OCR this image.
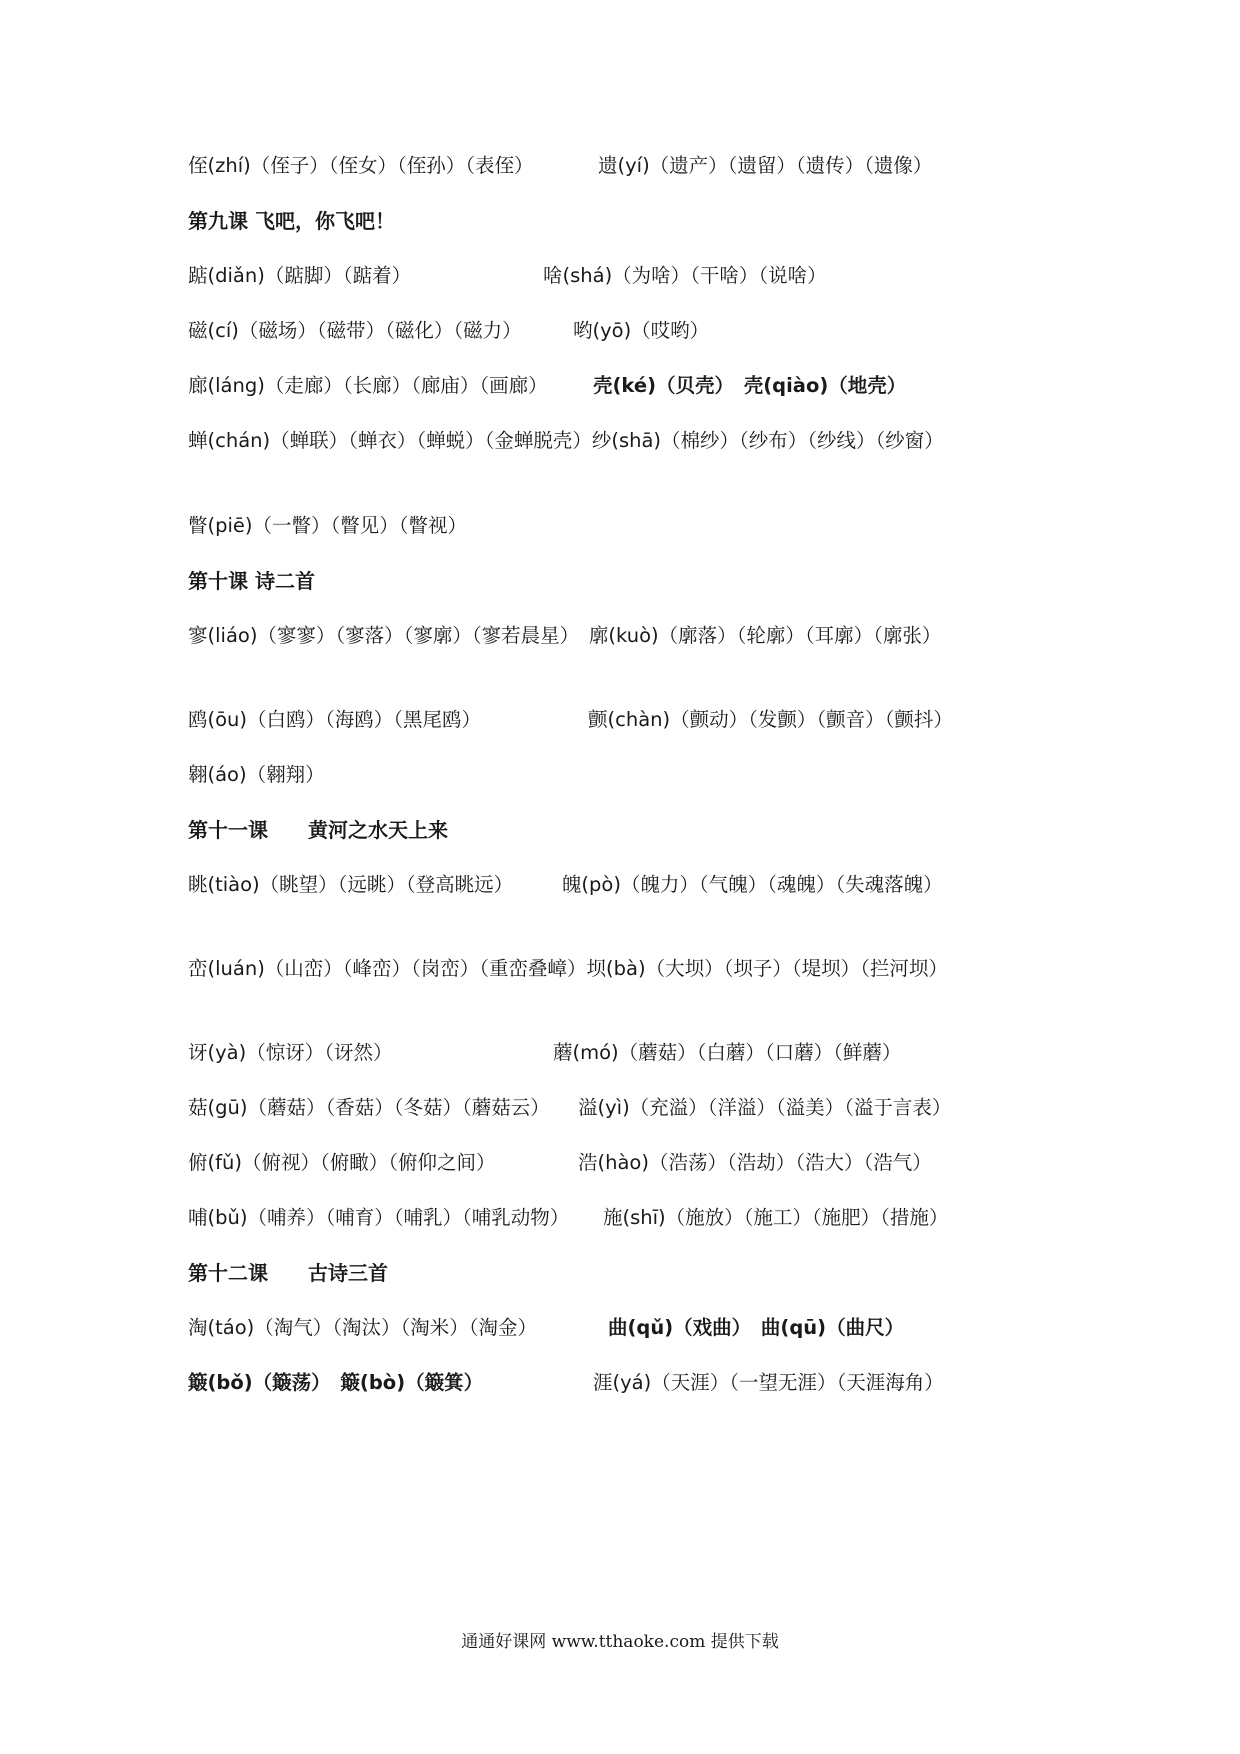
侄(zhí)（侄子）（侄女）（侄孙）（表侄）	遗(yí)（遗产）（遗留）（遗传）（遗像）
第九课 飞吧，你飞吧！
踮(diǎn)（踮脚）（踮着）	啥(shá)（为啥）（干啥）（说啥）
磁(cí)（磁场）（磁带）（磁化）（磁力）	哟(yō)（哎哟）
廊(láng)（走廊）（长廊）（廊庙）（画廊） 壳(ké)（贝壳）　壳(qiào)（地壳）
蝉(chán)（蝉联）（蝉衣）（蝉蜕）（金蝉脱壳）纱(shā)（棉纱）（纱布）（纱线）（纱窗）
瞥(piē)（一瞥）（瞥见）（瞥视）
第十课 诗二首
寥(liáo)（寥寥）（寥落）（寥廓）（寥若晨星）　廓(kuò)（廓落）（轮廓）（耳廓）（廓张）
鸥(ōu)（白鸥）（海鸥）（黑尾鸥）	颤(chàn)（颤动）（发颤）（颤音）（颤抖）
翱(áo)（翱翔）
第十一课　　黄河之水天上来
眺(tiào)（眺望）（远眺）（登高眺远）　　　魄(pò)（魄力）（气魄）（魂魄）（失魂落魄）
峦(luán)（山峦）（峰峦）（岗峦）（重峦叠嶂）坝(bà)（大坝）（坝子）（堤坝）（拦河坝）
讶(yà)（惊讶）（讶然）	蘑(mó)（蘑菇）（白蘑）（口蘑）（鲜蘑）
菇(gū)（蘑菇）（香菇）（冬菇）（蘑菇云） 溢(yì)（充溢）（洋溢）（溢美）（溢于言表）
俯(fǔ)（俯视）（俯瞰）（俯仰之间）	浩(hào)（浩荡）（浩劫）（浩大）（浩气）
哺(bǔ)（哺养）（哺育）（哺乳）（哺乳动物） 施(shī)（施放）（施工）（施肥）（措施）
第十二课　　古诗三首
淘(táo)（淘气）（淘汰）（淘米）（淘金）	曲(qǔ)（戏曲）　曲(qū)（曲尺）
簸(bǒ)（簸荡）　簸(bò)（簸箕）	涯(yá)（天涯）（一望无涯）（天涯海角）
通通好课网 www.tthaoke.com 提供下载
